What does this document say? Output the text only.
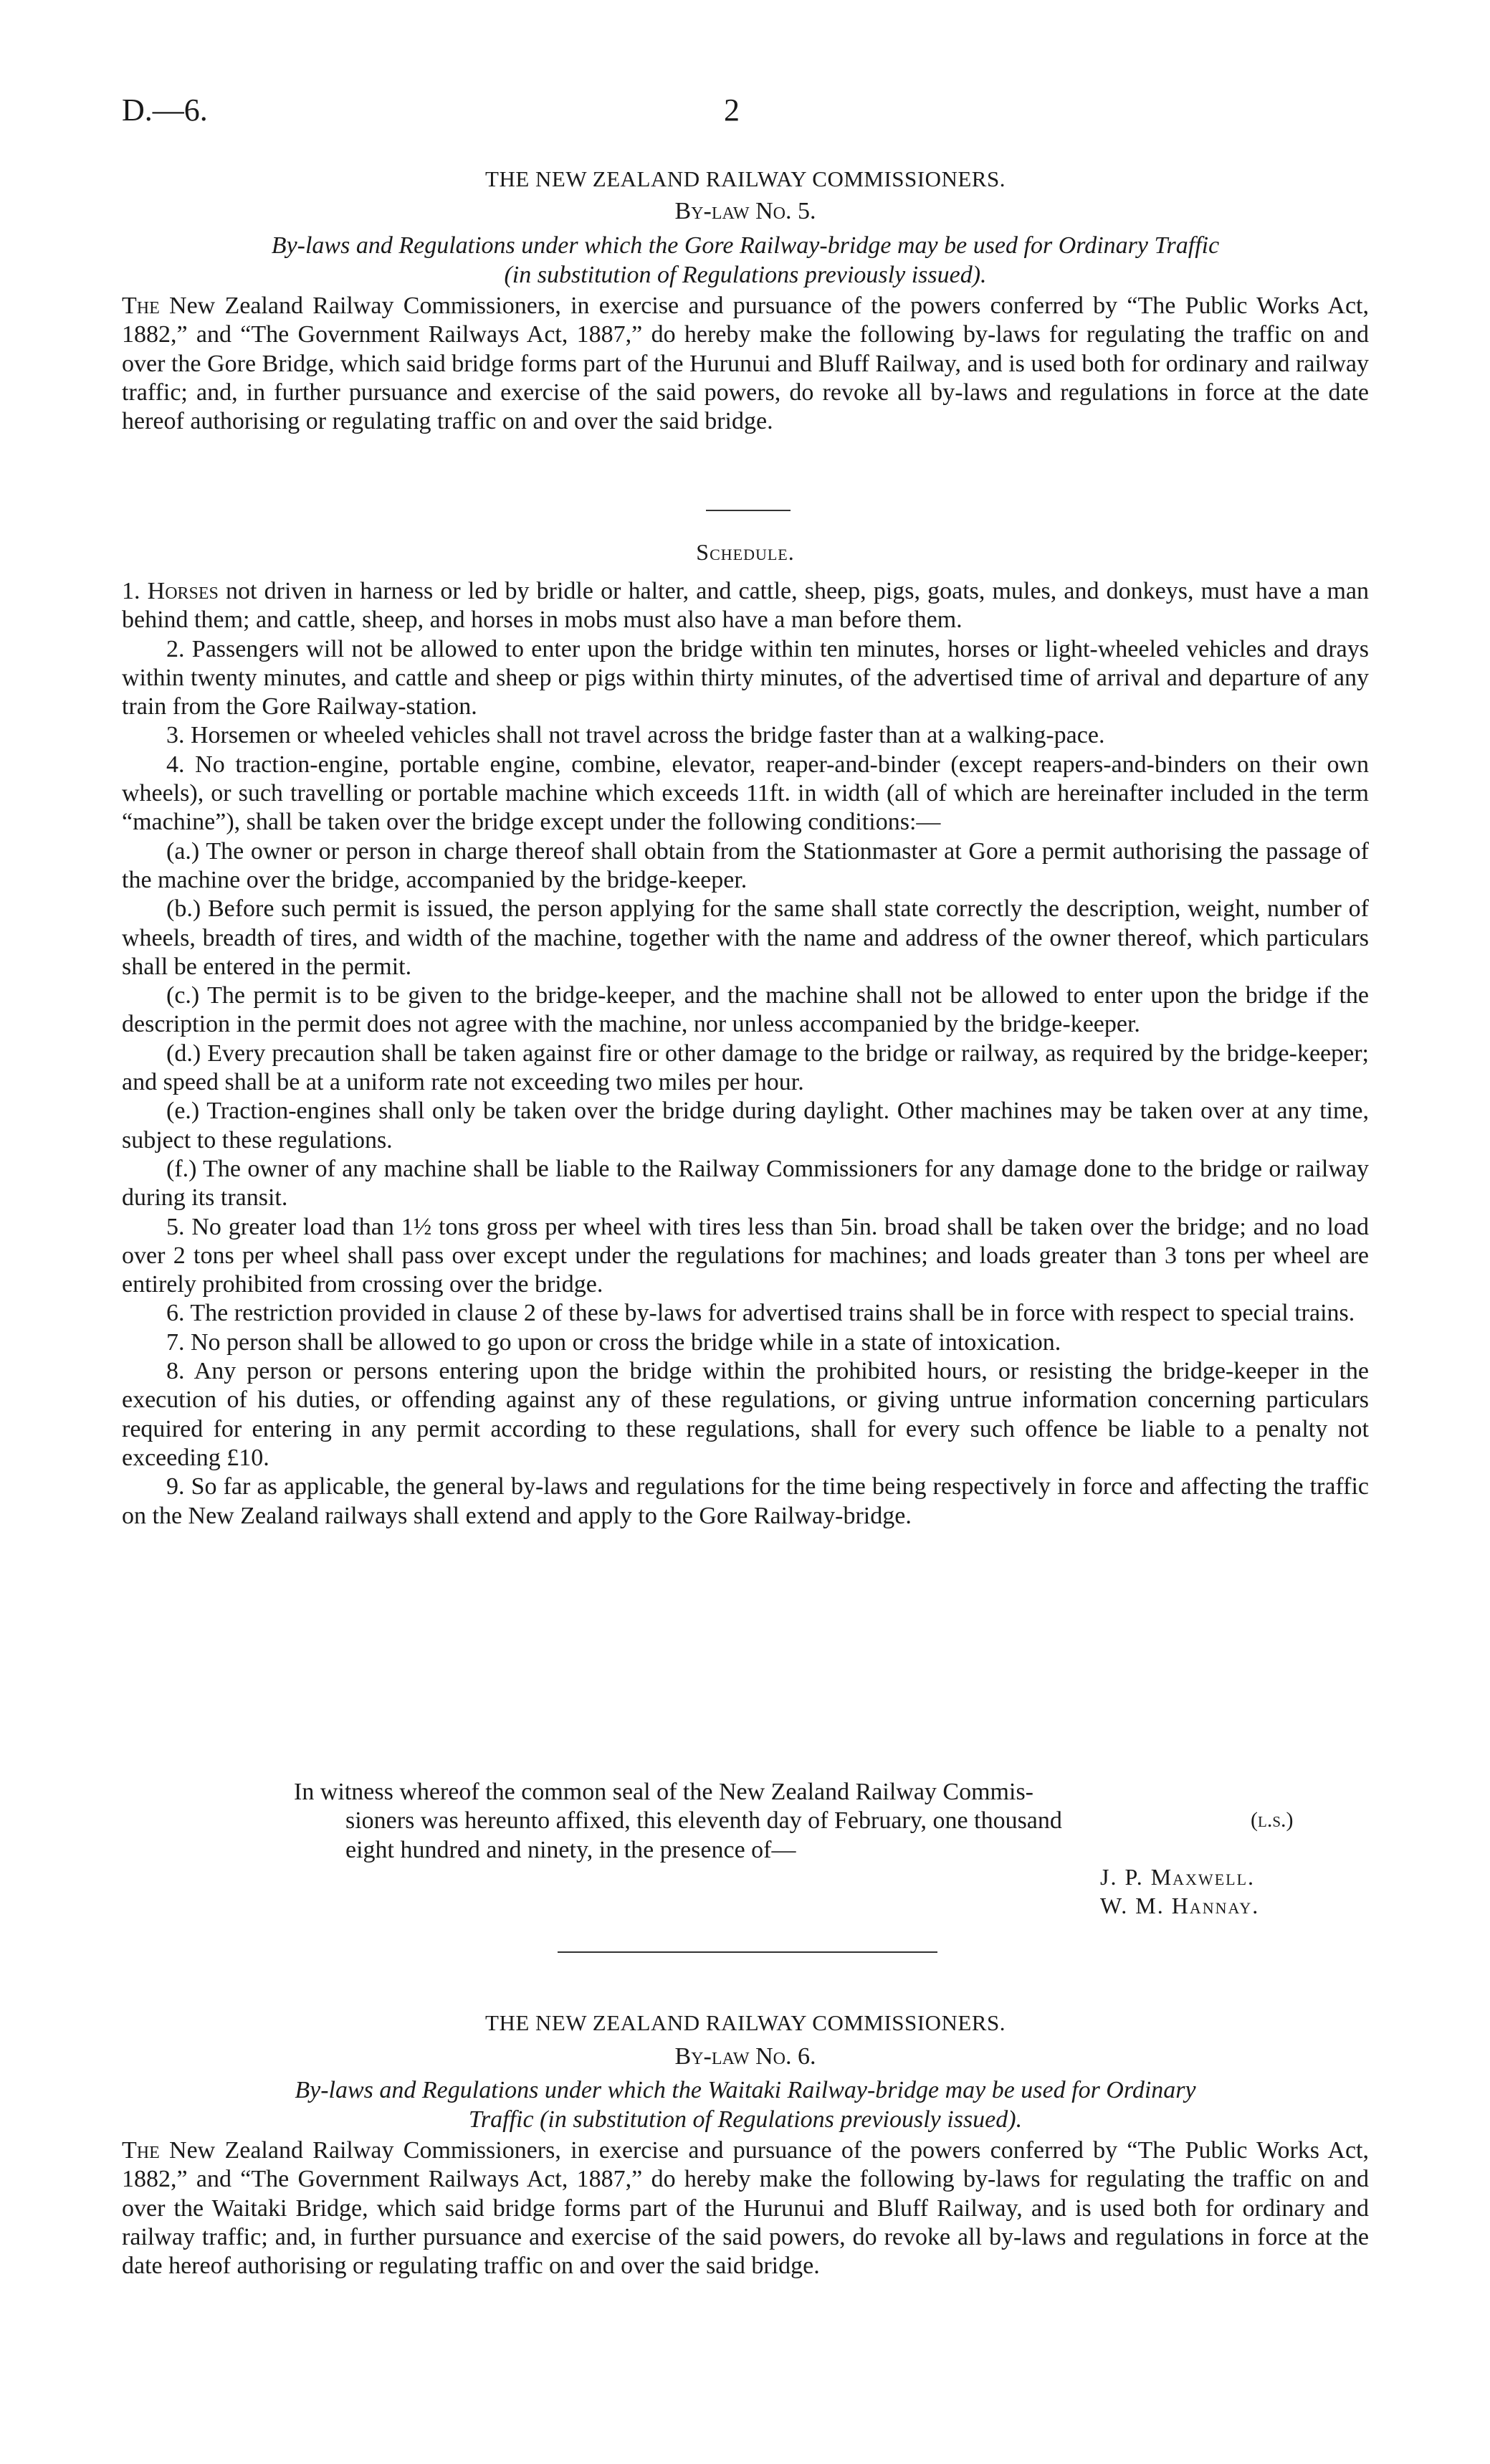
D.—6.	2
THE NEW ZEALAND RAILWAY COMMISSIONERS.
By-law No. 5.

By-laws and Regulations under which the Gore Railway-bridge may be used for Ordinary Traffic

(in substitution of Regulations previously issued).

The New Zealand Railway Commissioners, in exercise and pursuance of the powers conferred by “The Public Works Act, 1882,” and “The Government Railways Act, 1887,” do hereby make the following by-laws for regulating the traffic on and over the Gore Bridge, which said bridge forms part of the Hurunui and Bluff Railway, and is used both for ordinary and railway traffic; and, in further pursuance and exercise of the said powers, do revoke all by-laws and regulations in force at the date hereof authorising or regulating traffic on and over the said bridge.

Schedule.

1. Horses not driven in harness or led by bridle or halter, and cattle, sheep, pigs, goats, mules, and donkeys, must have a man behind them; and cattle, sheep, and horses in mobs must also have a man before them.

2. Passengers will not be allowed to enter upon the bridge within ten minutes, horses or light-wheeled vehicles and drays within twenty minutes, and cattle and sheep or pigs within thirty minutes, of the advertised time of arrival and departure of any train from the Gore Railway-station.

3. Horsemen or wheeled vehicles shall not travel across the bridge faster than at a walking-pace.

4. No traction-engine, portable engine, combine, elevator, reaper-and-binder (except reapers-and-binders on their own wheels), or such travelling or portable machine which exceeds 11ft. in width (all of which are hereinafter included in the term “machine”), shall be taken over the bridge except under the following conditions:—

(a.) The owner or person in charge thereof shall obtain from the Stationmaster at Gore a permit authorising the passage of the machine over the bridge, accompanied by the bridge-keeper.

(b.) Before such permit is issued, the person applying for the same shall state correctly the description, weight, number of wheels, breadth of tires, and width of the machine, together with the name and address of the owner thereof, which particulars shall be entered in the permit.

(c.) The permit is to be given to the bridge-keeper, and the machine shall not be allowed to enter upon the bridge if the description in the permit does not agree with the machine, nor unless accompanied by the bridge-keeper.

(d.) Every precaution shall be taken against fire or other damage to the bridge or railway, as required by the bridge-keeper; and speed shall be at a uniform rate not exceeding two miles per hour.

(e.) Traction-engines shall only be taken over the bridge during daylight. Other machines may be taken over at any time, subject to these regulations.

(f.) The owner of any machine shall be liable to the Railway Commissioners for any damage done to the bridge or railway during its transit.

5. No greater load than 1½ tons gross per wheel with tires less than 5in. broad shall be taken over the bridge; and no load over 2 tons per wheel shall pass over except under the regulations for machines; and loads greater than 3 tons per wheel are entirely prohibited from crossing over the bridge.

6. The restriction provided in clause 2 of these by-laws for advertised trains shall be in force with respect to special trains.

7. No person shall be allowed to go upon or cross the bridge while in a state of intoxication.

8. Any person or persons entering upon the bridge within the prohibited hours, or resisting the bridge-keeper in the execution of his duties, or offending against any of these regulations, or giving untrue information concerning particulars required for entering in any permit according to these regulations, shall for every such offence be liable to a penalty not exceeding £10.

9. So far as applicable, the general by-laws and regulations for the time being respectively in force and affecting the traffic on the New Zealand railways shall extend and apply to the Gore Railway-bridge.

In witness whereof the common seal of the New Zealand Railway Commis-

sioners was hereunto affixed, this eleventh day of February, one thousand

eight hundred and ninety, in the presence of—

(l.s.)
J. P. Maxwell.
W. M. Hannay.
THE NEW ZEALAND RAILWAY COMMISSIONERS.
By-law No. 6.

By-laws and Regulations under which the Waitaki Railway-bridge may be used for Ordinary

Traffic (in substitution of Regulations previously issued).

The New Zealand Railway Commissioners, in exercise and pursuance of the powers conferred by “The Public Works Act, 1882,” and “The Government Railways Act, 1887,” do hereby make the following by-laws for regulating the traffic on and over the Waitaki Bridge, which said bridge forms part of the Hurunui and Bluff Railway, and is used both for ordinary and railway traffic; and, in further pursuance and exercise of the said powers, do revoke all by-laws and regulations in force at the date hereof authorising or regulating traffic on and over the said bridge.
